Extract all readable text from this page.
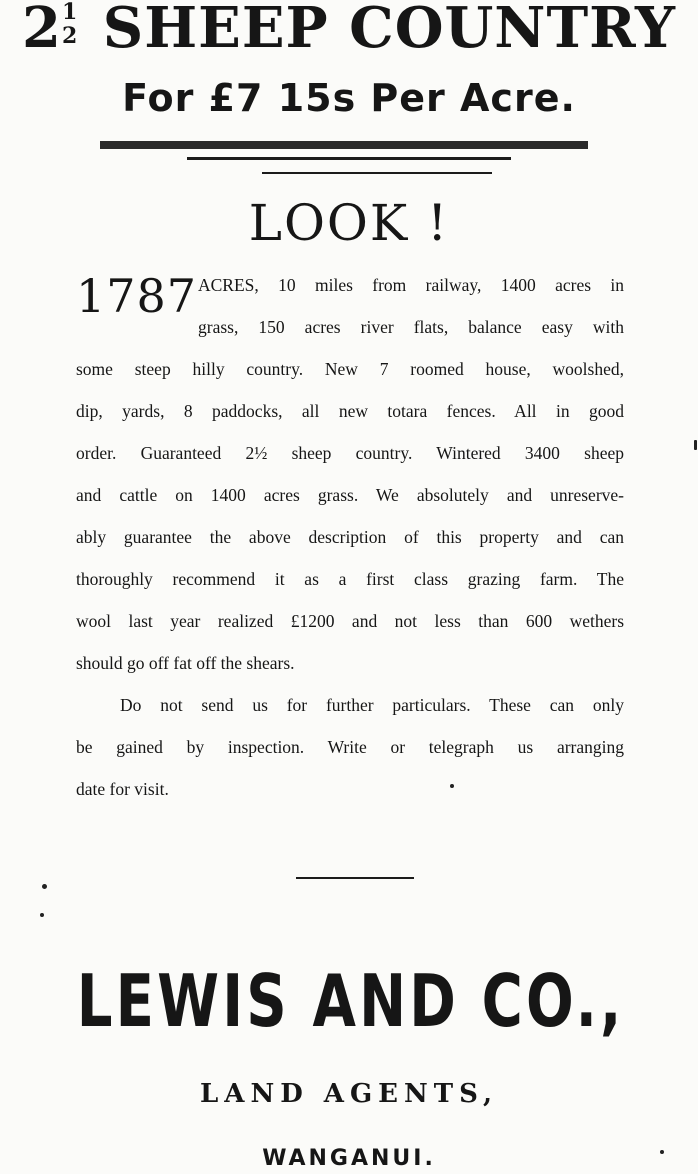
2 1
2 SHEEP COUNTRY
For £7 15s Per Acre.
LOOK !
1787 ACRES, 10 miles from railway, 1400 acres in
grass, 150 acres river flats, balance easy with
some steep hilly country. New 7 roomed house, woolshed,
dip, yards, 8 paddocks, all new totara fences. All in good
order. Guaranteed 2½ sheep country. Wintered 3400 sheep
and cattle on 1400 acres grass. We absolutely and unreserve-
ably guarantee the above description of this property and can
thoroughly recommend it as a first class grazing farm. The
wool last year realized £1200 and not less than 600 wethers
should go off fat off the shears.
Do not send us for further particulars. These can only
be gained by inspection. Write or telegraph us arranging
date for visit.
LEWIS AND CO.,
LAND AGENTS,
WANGANUI.
